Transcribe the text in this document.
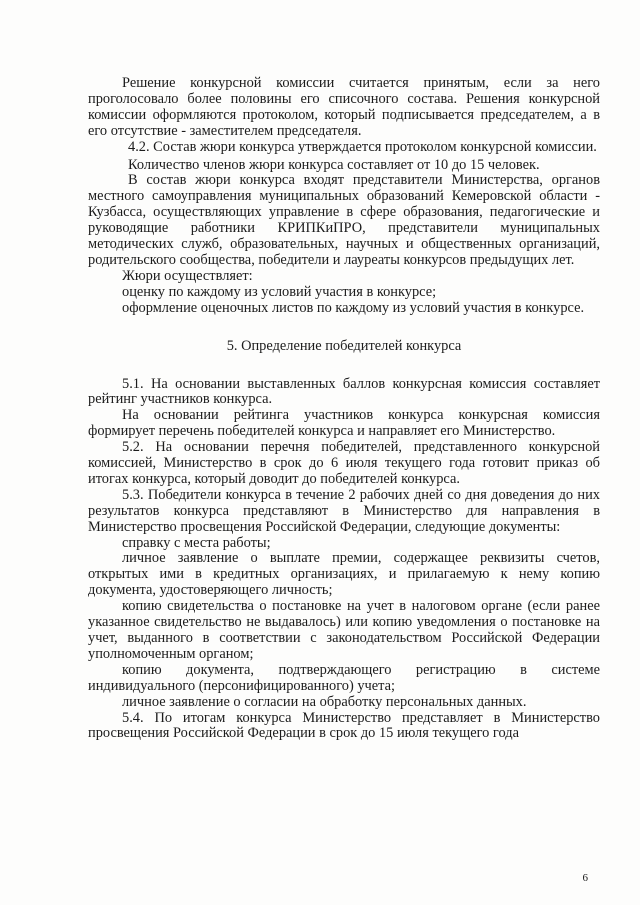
Решение конкурсной комиссии считается принятым, если за него проголосовало более половины его списочного состава. Решения конкурсной комиссии оформляются протоколом, который подписывается председателем, а в его отсутствие - заместителем председателя.

4.2. Состав жюри конкурса утверждается протоколом конкурсной комиссии.

Количество членов жюри конкурса составляет от 10 до 15 человек.

В состав жюри конкурса входят представители Министерства, органов местного самоуправления муниципальных образований Кемеровской области - Кузбасса, осуществляющих управление в сфере образования, педагогические и руководящие работники КРИПКиПРО, представители муниципальных методических служб, образовательных, научных и общественных организаций, родительского сообщества, победители и лауреаты конкурсов предыдущих лет.

Жюри осуществляет:

оценку по каждому из условий участия в конкурсе;

оформление оценочных листов по каждому из условий участия в конкурсе.

5. Определение победителей конкурса

5.1. На основании выставленных баллов конкурсная комиссия составляет рейтинг участников конкурса.

На основании рейтинга участников конкурса конкурсная комиссия формирует перечень победителей конкурса и направляет его Министерство.

5.2. На основании перечня победителей, представленного конкурсной комиссией, Министерство в срок до 6 июля текущего года готовит приказ об итогах конкурса, который доводит до победителей конкурса.

5.3. Победители конкурса в течение 2 рабочих дней со дня доведения до них результатов конкурса представляют в Министерство для направления в Министерство просвещения Российской Федерации, следующие документы:

справку с места работы;

личное заявление о выплате премии, содержащее реквизиты счетов, открытых ими в кредитных организациях, и прилагаемую к нему копию документа, удостоверяющего личность;

копию свидетельства о постановке на учет в налоговом органе (если ранее указанное свидетельство не выдавалось) или копию уведомления о постановке на учет, выданного в соответствии с законодательством Российской Федерации уполномоченным органом;

копию документа, подтверждающего регистрацию в системе индивидуального (персонифицированного) учета;

личное заявление о согласии на обработку персональных данных.

5.4. По итогам конкурса Министерство представляет в Министерство просвещения Российской Федерации в срок до 15 июля текущего года

6
